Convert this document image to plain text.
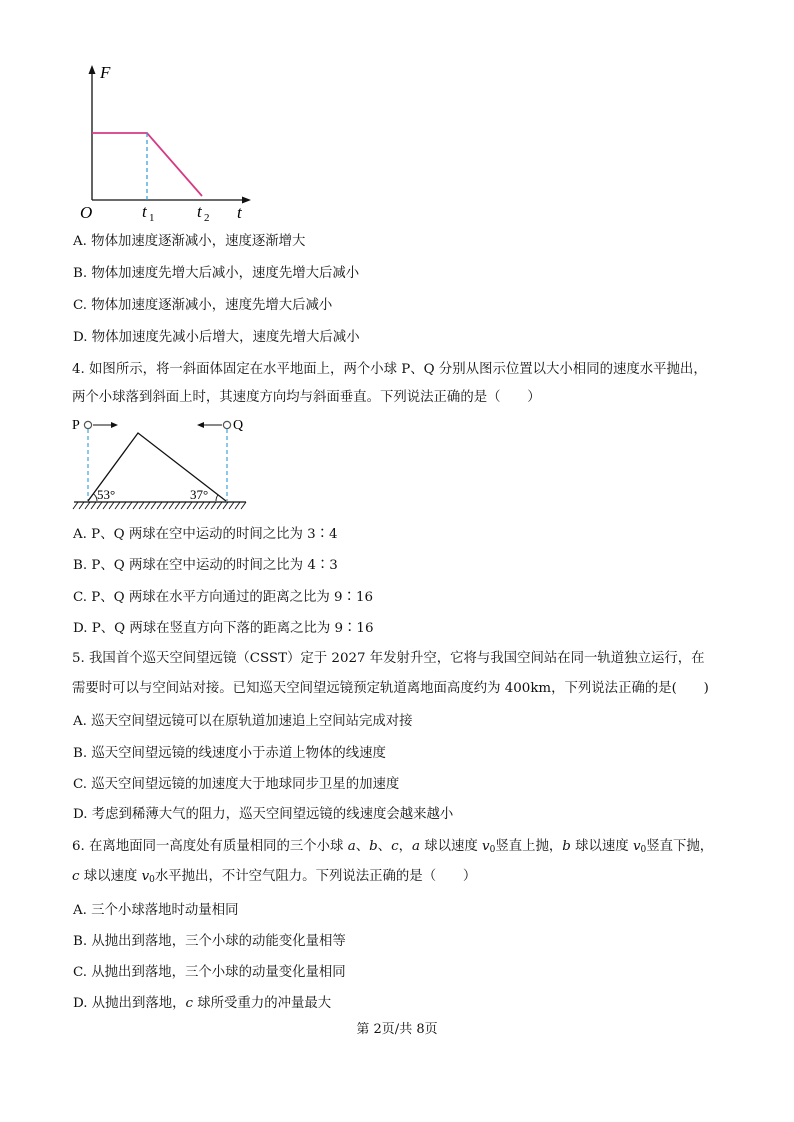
F
O	t
t 1	t 2
A. 物体加速度逐渐减小，速度逐渐增大
B. 物体加速度先增大后减小，速度先增大后减小
C. 物体加速度逐渐减小，速度先增大后减小
D. 物体加速度先减小后增大，速度先增大后减小
4. 如图所示，将一斜面体固定在水平地面上，两个小球 P、Q 分别从图示位置以大小相同的速度水平抛出，
两个小球落到斜面上时，其速度方向均与斜面垂直。下列说法正确的是（　　）
P	Q
53°	37°
A. P、Q 两球在空中运动的时间之比为 3∶4
B. P、Q 两球在空中运动的时间之比为 4∶3
C. P、Q 两球在水平方向通过的距离之比为 9∶16
D. P、Q 两球在竖直方向下落的距离之比为 9∶16
5. 我国首个巡天空间望远镜（CSST）定于 2027 年发射升空，它将与我国空间站在同一轨道独立运行，在
需要时可以与空间站对接。已知巡天空间望远镜预定轨道离地面高度约为 400km，下列说法正确的是(　　)
A. 巡天空间望远镜可以在原轨道加速追上空间站完成对接
B. 巡天空间望远镜的线速度小于赤道上物体的线速度
C. 巡天空间望远镜的加速度大于地球同步卫星的加速度
D. 考虑到稀薄大气的阻力，巡天空间望远镜的线速度会越来越小
6. 在离地面同一高度处有质量相同的三个小球 a、b、c，a 球以速度 $v_0$竖直上抛，b 球以速度 $v_0$竖直下抛，
c 球以速度 $v_0$水平抛出，不计空气阻力。下列说法正确的是（　　）
A. 三个小球落地时动量相同
B. 从抛出到落地，三个小球的动能变化量相等
C. 从抛出到落地，三个小球的动量变化量相同
D. 从抛出到落地，c 球所受重力的冲量最大
第 2页/共 8页
